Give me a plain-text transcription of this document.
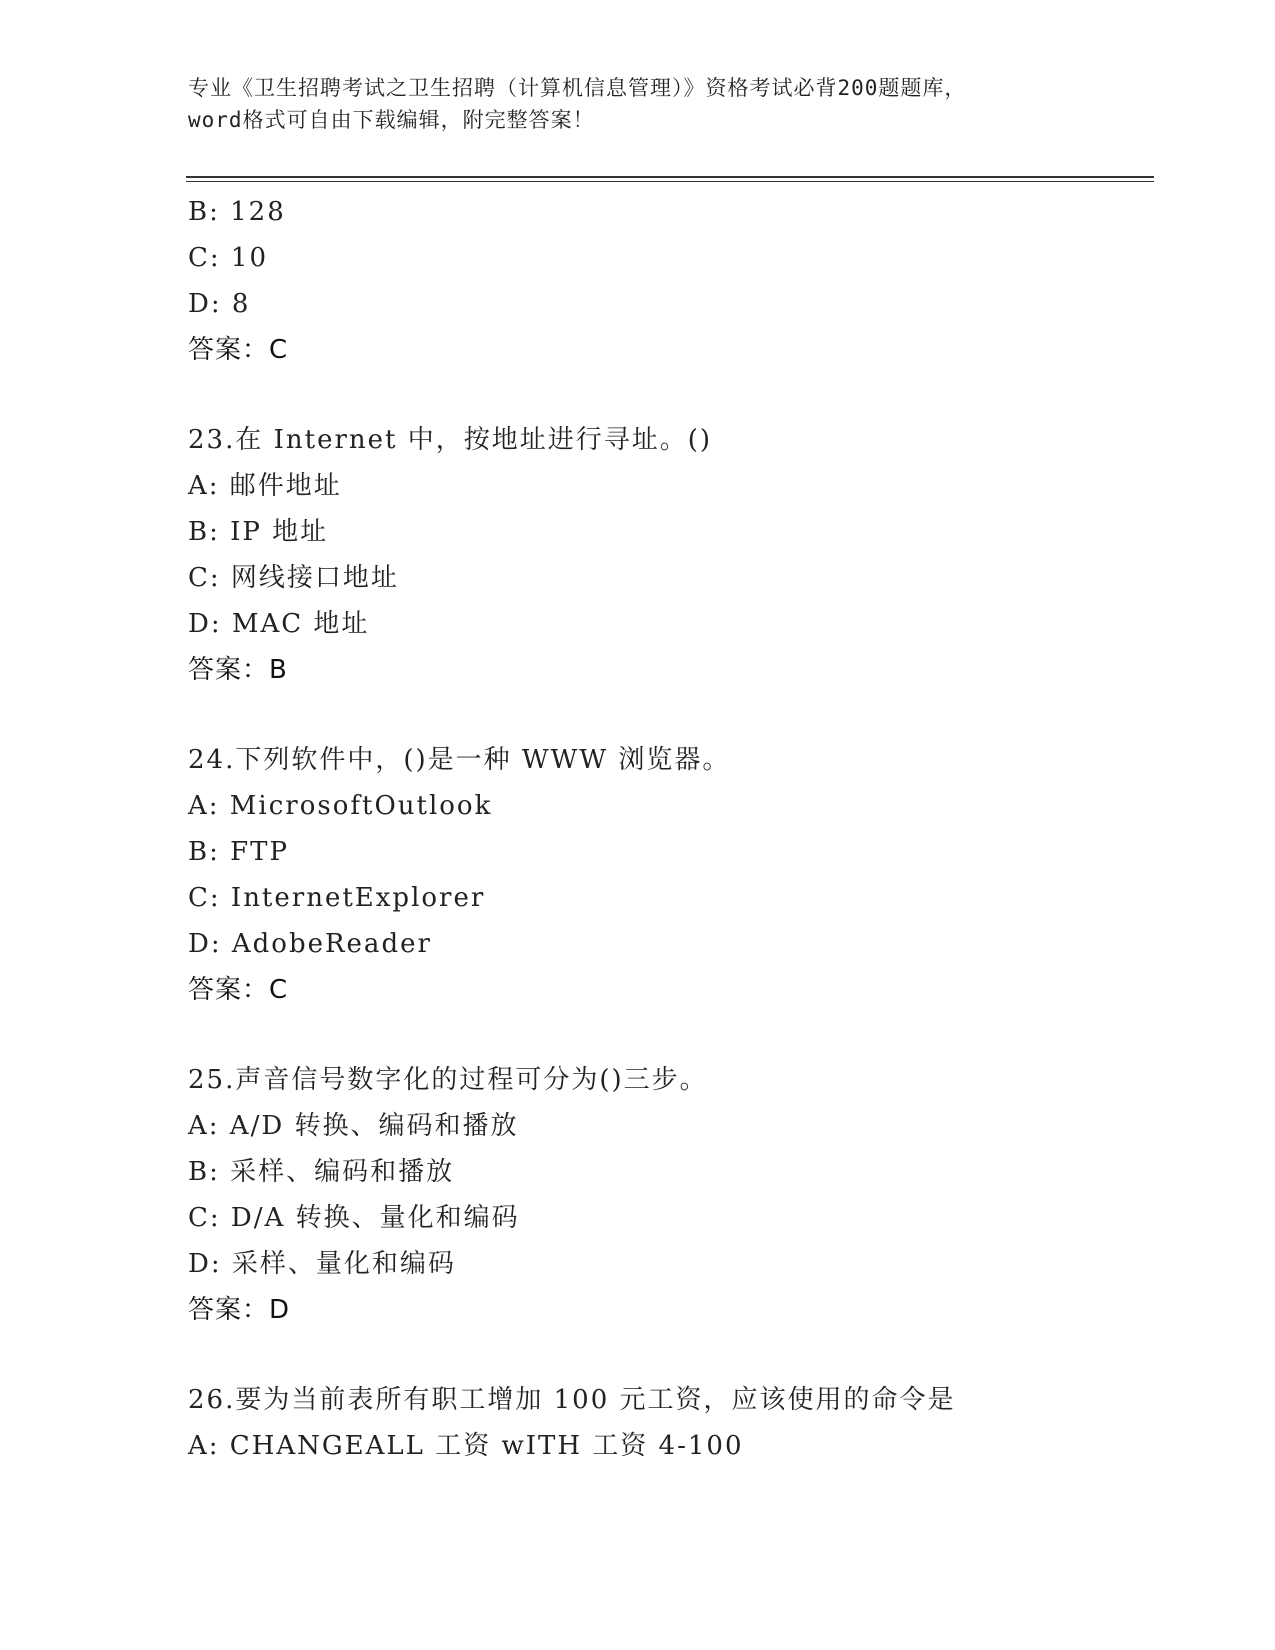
专业《卫生招聘考试之卫生招聘（计算机信息管理）》资格考试必背200题题库，
word格式可自由下载编辑，附完整答案！
B: 128
C: 10
D: 8
答案：C
23.在 Internet 中，按地址进行寻址。()
A: 邮件地址
B: IP 地址
C: 网线接口地址
D: MAC 地址
答案：B
24.下列软件中，()是一种 WWW 浏览器。
A: MicrosoftOutlook
B: FTP
C: InternetExplorer
D: AdobeReader
答案：C
25.声音信号数字化的过程可分为()三步。
A: A/D 转换、编码和播放
B: 采样、编码和播放
C: D/A 转换、量化和编码
D: 采样、量化和编码
答案：D
26.要为当前表所有职工增加 100 元工资，应该使用的命令是
A: CHANGEALL 工资 wITH 工资 4-100
